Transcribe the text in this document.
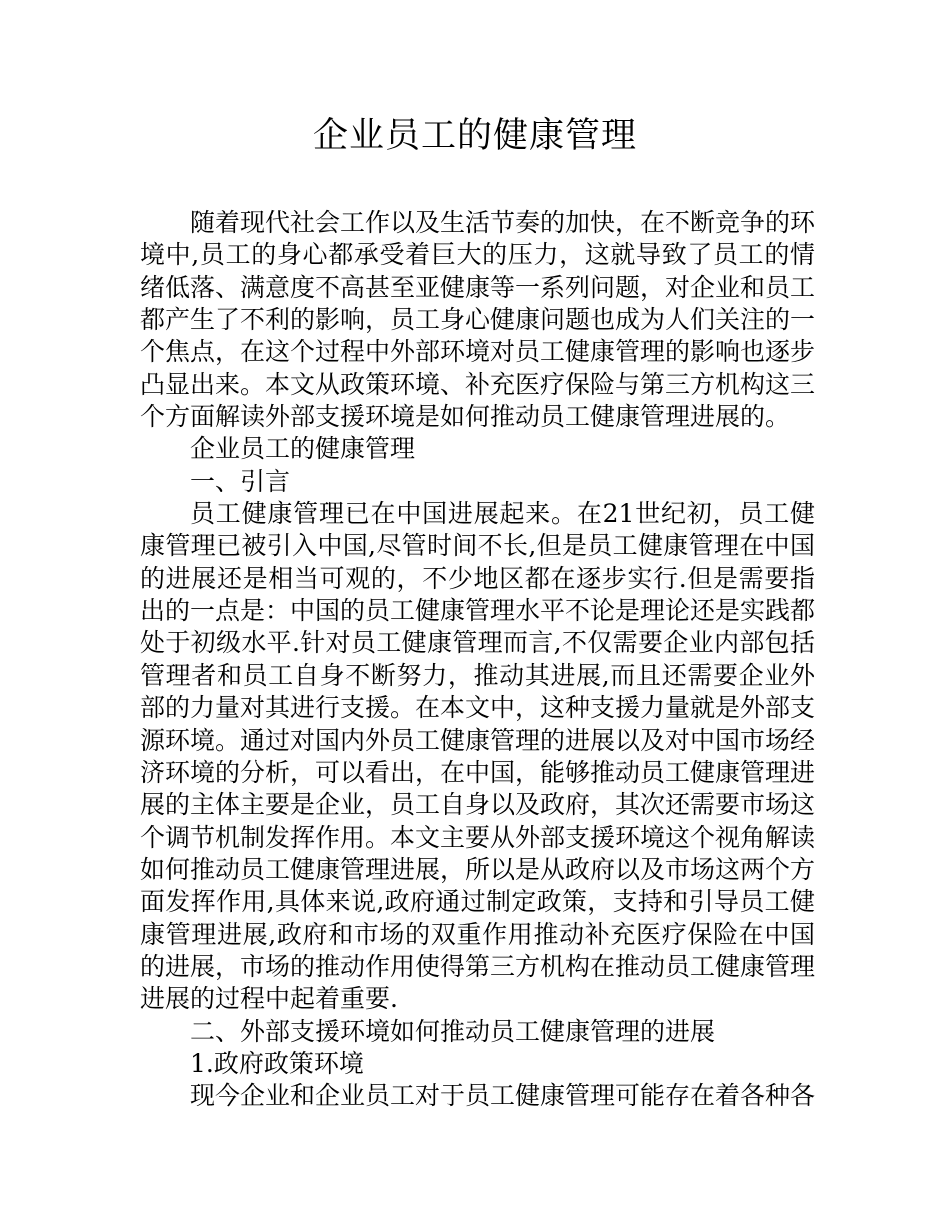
企业员工的健康管理

随着现代社会工作以及生活节奏的加快，在不断竞争的环境中,员工的身心都承受着巨大的压力，这就导致了员工的情绪低落、满意度不高甚至亚健康等一系列问题，对企业和员工都产生了不利的影响，员工身心健康问题也成为人们关注的一个焦点，在这个过程中外部环境对员工健康管理的影响也逐步凸显出来。本文从政策环境、补充医疗保险与第三方机构这三个方面解读外部支援环境是如何推动员工健康管理进展的。

企业员工的健康管理

一、引言

员工健康管理已在中国进展起来。在21世纪初，员工健康管理已被引入中国,尽管时间不长,但是员工健康管理在中国的进展还是相当可观的，不少地区都在逐步实行.但是需要指出的一点是：中国的员工健康管理水平不论是理论还是实践都处于初级水平.针对员工健康管理而言,不仅需要企业内部包括管理者和员工自身不断努力，推动其进展,而且还需要企业外部的力量对其进行支援。在本文中，这种支援力量就是外部支源环境。通过对国内外员工健康管理的进展以及对中国市场经济环境的分析，可以看出，在中国，能够推动员工健康管理进展的主体主要是企业，员工自身以及政府，其次还需要市场这个调节机制发挥作用。本文主要从外部支援环境这个视角解读如何推动员工健康管理进展，所以是从政府以及市场这两个方面发挥作用,具体来说,政府通过制定政策，支持和引导员工健康管理进展,政府和市场的双重作用推动补充医疗保险在中国的进展，市场的推动作用使得第三方机构在推动员工健康管理进展的过程中起着重要.

二、外部支援环境如何推动员工健康管理的进展

1.政府政策环境

现今企业和企业员工对于员工健康管理可能存在着各种各
